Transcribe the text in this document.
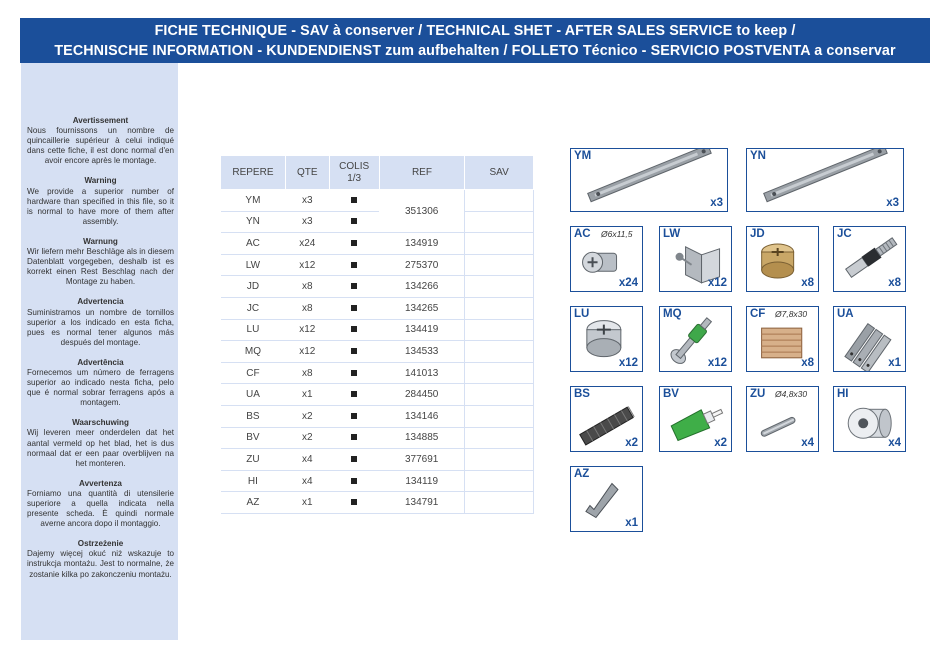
FICHE TECHNIQUE - SAV à conserver / TECHNICAL SHET - AFTER SALES SERVICE to keep /
TECHNISCHE INFORMATION - KUNDENDIENST zum aufbehalten / FOLLETO Técnico - SERVICIO POSTVENTA a conservar
Avertissement
Nous fournissons un nombre de quincaillerie supérieur à celui indiqué dans cette fiche, il est donc normal d'en avoir encore après le montage.
Warning
We provide a superior number of hardware than specified in this file, so it is normal to have more of them after assembly.
Warnung
Wir liefern mehr Beschläge als in diesem Datenblatt vorgegeben, deshalb ist es korrekt einen Rest Beschlag nach der Montage zu haben.
Advertencia
Suministramos un nombre de tornillos superior a los indicado en esta ficha, pues es normal tener algunos más después del montage.
Advertência
Fornecemos um número de ferragens superior ao indicado nesta ficha, pelo que é normal sobrar ferragens após a montagem.
Waarschuwing
Wij leveren meer onderdelen dat het aantal vermeld op het blad, het is dus normaal dat er een paar overblijven na het monteren.
Avvertenza
Forniamo una quantità di utensilerie superiore a quella indicata nella presente scheda. È quindi normale averne ancora dopo il montaggio.
Ostrzeżenie
Dajemy więcej okuć niż wskazuje to instrukcja montażu. Jest to normalne, że zostanie kilka po zakonczeniu montażu.
REPERE	QTE	COLIS 1/3	REF	SAV
YM	x3		351306	
YN	x3			
AC	x24		134919	
LW	x12		275370	
JD	x8		134266	
JC	x8		134265	
LU	x12		134419	
MQ	x12		134533	
CF	x8		141013	
UA	x1		284450	
BS	x2		134146	
BV	x2		134885	
ZU	x4		377691	
HI	x4		134119	
AZ	x1		134791	
YM
x3
YN
x3
AC Ø6x11,5
x24
LW
x12
JD
x8
JC
x8
LU
x12
MQ
x12
CF Ø7,8x30
x8
UA
x1
BS
x2
BV
x2
ZU Ø4,8x30
x4
HI
x4
AZ
x1
